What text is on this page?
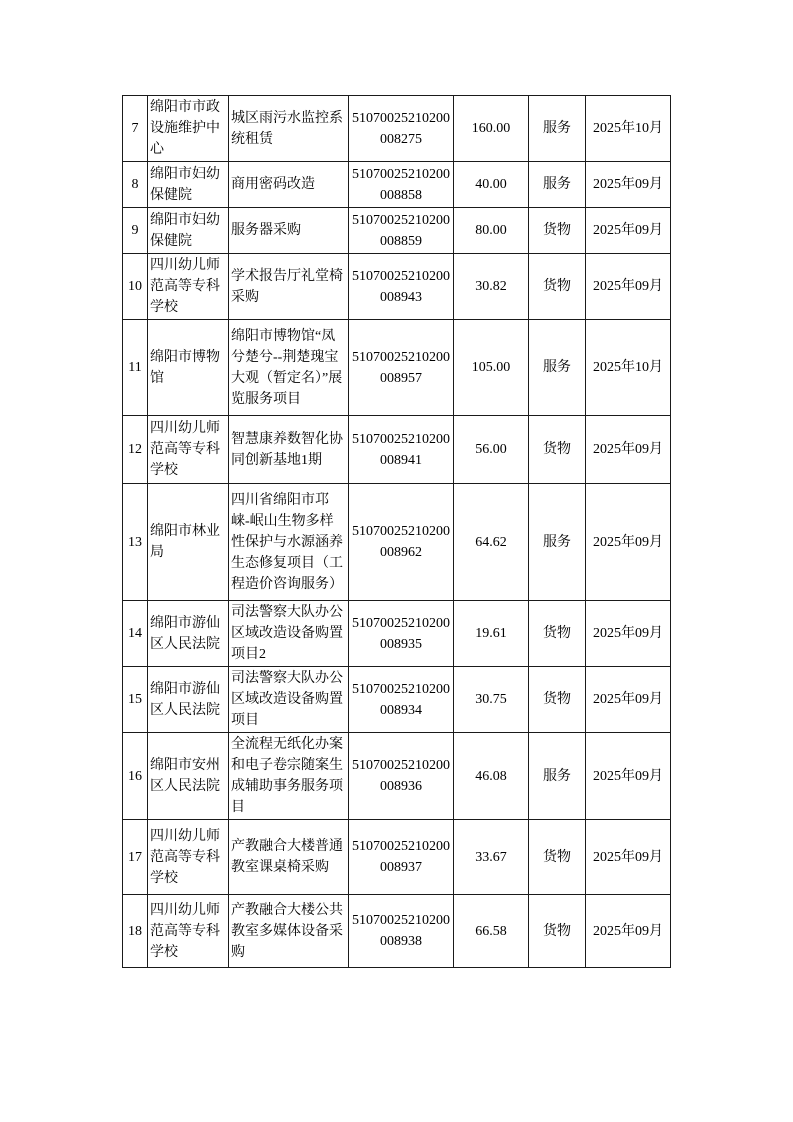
7	绵阳市市政设施维护中心	城区雨污水监控系统租赁	51070025210200008275	160.00	服务	2025年10月
8	绵阳市妇幼保健院	商用密码改造	51070025210200008858	40.00	服务	2025年09月
9	绵阳市妇幼保健院	服务器采购	51070025210200008859	80.00	货物	2025年09月
10	四川幼儿师范高等专科学校	学术报告厅礼堂椅采购	51070025210200008943	30.82	货物	2025年09月
11	绵阳市博物馆	绵阳市博物馆“凤兮楚兮--荆楚瑰宝大观（暂定名）”展览服务项目	51070025210200008957	105.00	服务	2025年10月
12	四川幼儿师范高等专科学校	智慧康养数智化协同创新基地1期	51070025210200008941	56.00	货物	2025年09月
13	绵阳市林业局	四川省绵阳市邛崃-岷山生物多样性保护与水源涵养生态修复项目（工程造价咨询服务）	51070025210200008962	64.62	服务	2025年09月
14	绵阳市游仙区人民法院	司法警察大队办公区域改造设备购置项目2	51070025210200008935	19.61	货物	2025年09月
15	绵阳市游仙区人民法院	司法警察大队办公区域改造设备购置项目	51070025210200008934	30.75	货物	2025年09月
16	绵阳市安州区人民法院	全流程无纸化办案和电子卷宗随案生成辅助事务服务项目	51070025210200008936	46.08	服务	2025年09月
17	四川幼儿师范高等专科学校	产教融合大楼普通教室课桌椅采购	51070025210200008937	33.67	货物	2025年09月
18	四川幼儿师范高等专科学校	产教融合大楼公共教室多媒体设备采购	51070025210200008938	66.58	货物	2025年09月
